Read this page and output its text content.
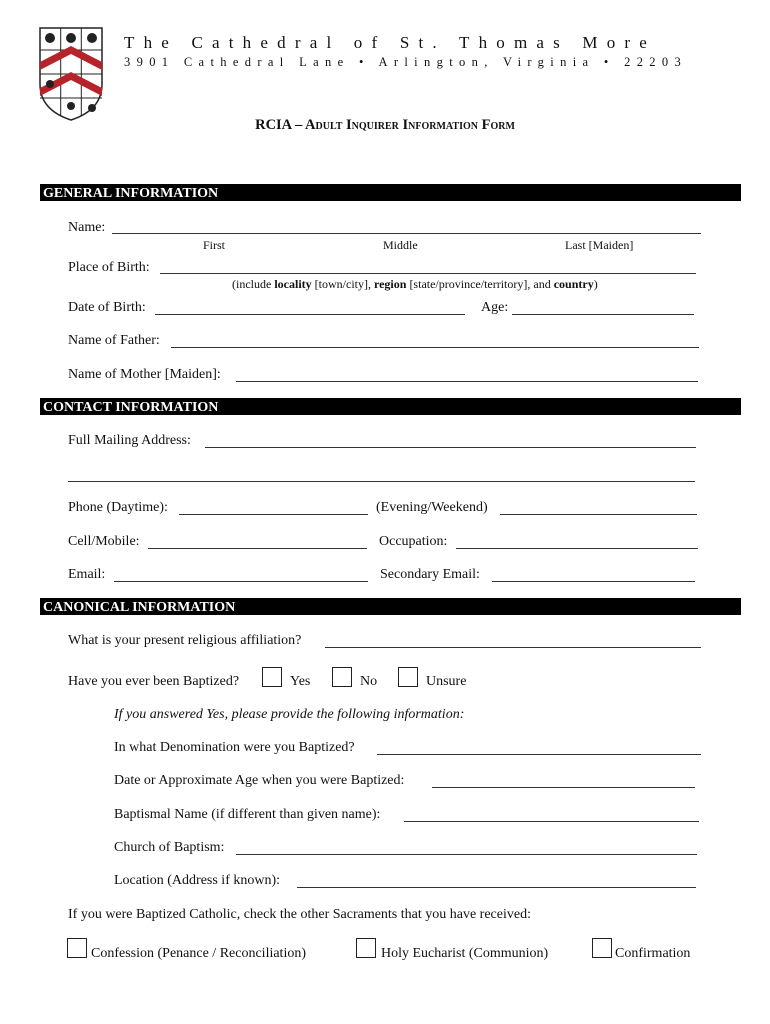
The Cathedral of St. Thomas More
3901 Cathedral Lane • Arlington, Virginia • 22203
RCIA – Adult Inquirer Information Form
GENERAL INFORMATION
Name:
First	Middle	Last [Maiden]
Place of Birth:
(include locality [town/city], region [state/province/territory], and country)
Date of Birth:	Age:
Name of Father:
Name of Mother [Maiden]:
CONTACT INFORMATION
Full Mailing Address:
Phone (Daytime):	(Evening/Weekend)
Cell/Mobile:	Occupation:
Email:	Secondary Email:
CANONICAL INFORMATION
What is your present religious affiliation?
Have you ever been Baptized?	Yes	No	Unsure
If you answered Yes, please provide the following information:
In what Denomination were you Baptized?
Date or Approximate Age when you were Baptized:
Baptismal Name (if different than given name):
Church of Baptism:
Location (Address if known):
If you were Baptized Catholic, check the other Sacraments that you have received:
Confession (Penance / Reconciliation)	Holy Eucharist (Communion)	Confirmation
